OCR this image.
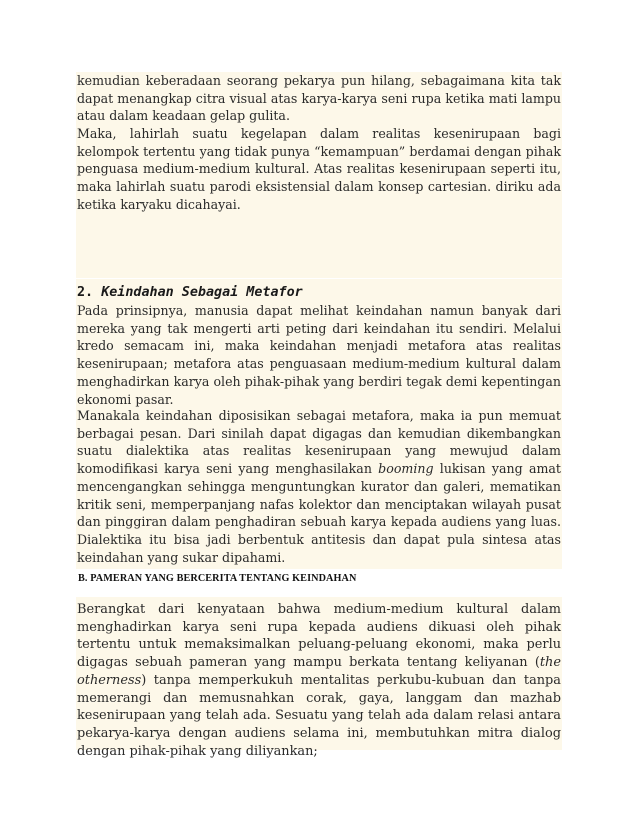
kemudian keberadaan seorang pekarya pun hilang, sebagaimana kita tak dapat menangkap citra visual atas karya-karya seni rupa ketika mati lampu atau dalam keadaan gelap gulita.

Maka, lahirlah suatu kegelapan dalam realitas kesenirupaan bagi kelompok tertentu yang tidak punya “kemampuan” berdamai dengan pihak penguasa medium-medium kultural. Atas realitas kesenirupaan seperti itu, maka lahirlah suatu parodi eksistensial dalam konsep cartesian. diriku ada ketika karyaku dicahayai.

2. Keindahan Sebagai Metafor

Pada prinsipnya, manusia dapat melihat keindahan namun banyak dari mereka yang tak mengerti arti peting dari keindahan itu sendiri. Melalui kredo semacam ini, maka keindahan menjadi metafora atas realitas kesenirupaan; metafora atas penguasaan medium-medium kultural dalam menghadirkan karya oleh pihak-pihak yang berdiri tegak demi kepentingan ekonomi pasar.

Manakala keindahan diposisikan sebagai metafora, maka ia pun memuat berbagai pesan. Dari sinilah dapat digagas dan kemudian dikembangkan suatu dialektika atas realitas kesenirupaan yang mewujud dalam komodifikasi karya seni yang menghasilakan booming lukisan yang amat mencengangkan sehingga menguntungkan kurator dan galeri, mematikan kritik seni, memperpanjang nafas kolektor dan menciptakan wilayah pusat dan pinggiran dalam penghadiran sebuah karya kepada audiens yang luas. Dialektika itu bisa jadi berbentuk antitesis dan dapat pula sintesa atas keindahan yang sukar dipahami.

B. PAMERAN YANG BERCERITA TENTANG KEINDAHAN

Berangkat dari kenyataan bahwa medium-medium kultural dalam menghadirkan karya seni rupa kepada audiens dikuasi oleh pihak tertentu untuk memaksimalkan peluang-peluang ekonomi, maka perlu digagas sebuah pameran yang mampu berkata tentang keliyanan (the otherness) tanpa memperkukuh mentalitas perkubu-kubuan dan tanpa memerangi dan memusnahkan corak, gaya, langgam dan mazhab kesenirupaan yang telah ada. Sesuatu yang telah ada dalam relasi antara pekarya-karya dengan audiens selama ini, membutuhkan mitra dialog dengan pihak-pihak yang diliyankan;
